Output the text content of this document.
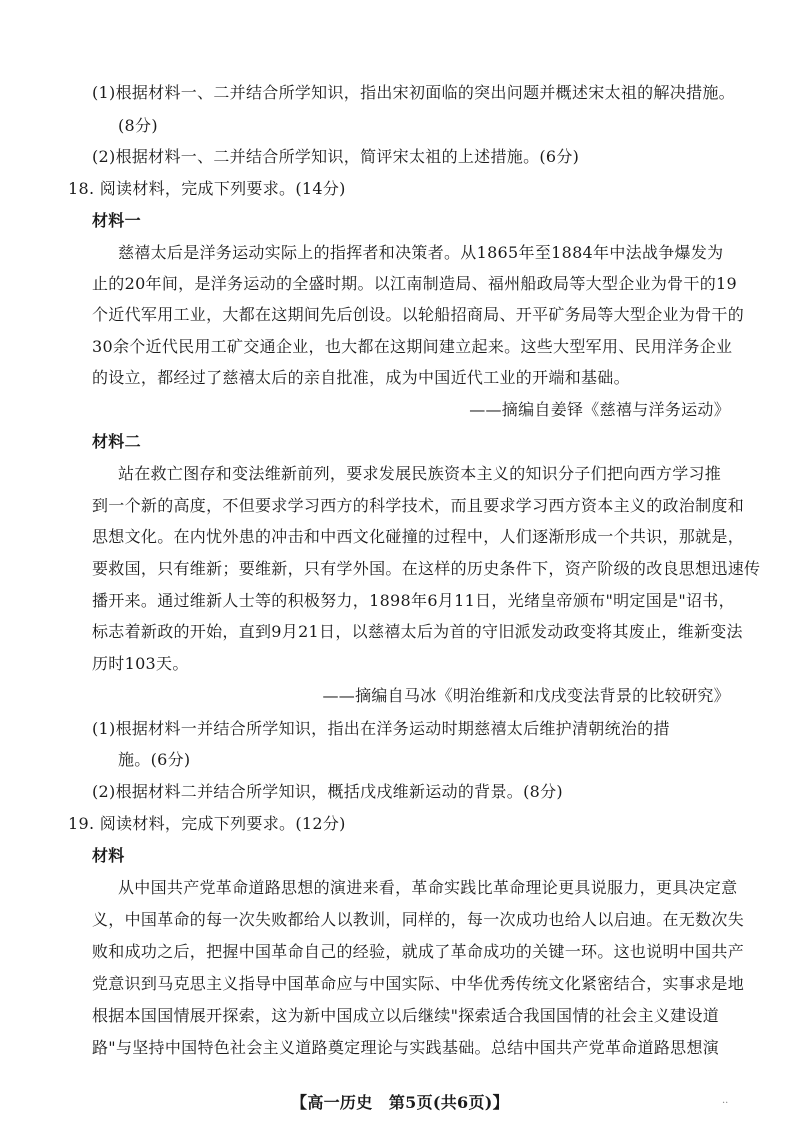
(1)根据材料一、二并结合所学知识，指出宋初面临的突出问题并概述宋太祖的解决措施。
(8分)
(2)根据材料一、二并结合所学知识，简评宋太祖的上述措施。(6分)
18. 阅读材料，完成下列要求。(14分)
材料一
慈禧太后是洋务运动实际上的指挥者和决策者。从1865年至1884年中法战争爆发为
止的20年间，是洋务运动的全盛时期。以江南制造局、福州船政局等大型企业为骨干的19
个近代军用工业，大都在这期间先后创设。以轮船招商局、开平矿务局等大型企业为骨干的
30余个近代民用工矿交通企业，也大都在这期间建立起来。这些大型军用、民用洋务企业
的设立，都经过了慈禧太后的亲自批准，成为中国近代工业的开端和基础。
——摘编自姜铎《慈禧与洋务运动》
材料二
站在救亡图存和变法维新前列，要求发展民族资本主义的知识分子们把向西方学习推
到一个新的高度，不但要求学习西方的科学技术，而且要求学习西方资本主义的政治制度和
思想文化。在内忧外患的冲击和中西文化碰撞的过程中，人们逐渐形成一个共识，那就是，
要救国，只有维新；要维新，只有学外国。在这样的历史条件下，资产阶级的改良思想迅速传
播开来。通过维新人士等的积极努力，1898年6月11日，光绪皇帝颁布"明定国是"诏书，
标志着新政的开始，直到9月21日，以慈禧太后为首的守旧派发动政变将其废止，维新变法
历时103天。
——摘编自马冰《明治维新和戊戌变法背景的比较研究》
(1)根据材料一并结合所学知识，指出在洋务运动时期慈禧太后维护清朝统治的措
施。(6分)
(2)根据材料二并结合所学知识，概括戊戌维新运动的背景。(8分)
19. 阅读材料，完成下列要求。(12分)
材料
从中国共产党革命道路思想的演进来看，革命实践比革命理论更具说服力，更具决定意
义，中国革命的每一次失败都给人以教训，同样的，每一次成功也给人以启迪。在无数次失
败和成功之后，把握中国革命自己的经验，就成了革命成功的关键一环。这也说明中国共产
党意识到马克思主义指导中国革命应与中国实际、中华优秀传统文化紧密结合，实事求是地
根据本国国情展开探索，这为新中国成立以后继续"探索适合我国国情的社会主义建设道
路"与坚持中国特色社会主义道路奠定理论与实践基础。总结中国共产党革命道路思想演
【高一历史　第5页(共6页)】	··
